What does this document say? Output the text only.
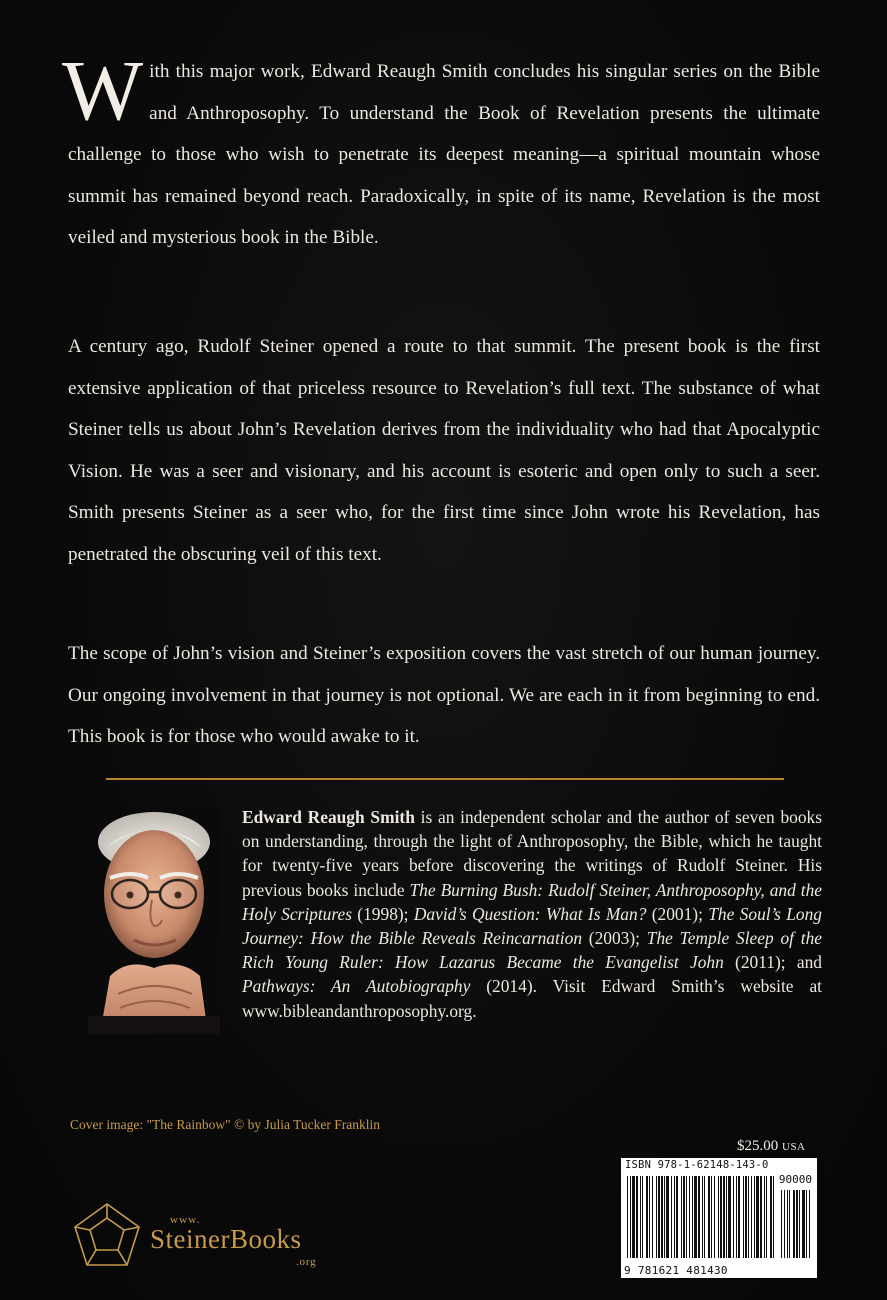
With this major work, Edward Reaugh Smith concludes his singular series on the Bible and Anthroposophy. To understand the Book of Revelation presents the ultimate challenge to those who wish to penetrate its deepest meaning—a spiritual mountain whose summit has remained beyond reach. Paradoxically, in spite of its name, Revelation is the most veiled and mysterious book in the Bible.

A century ago, Rudolf Steiner opened a route to that summit. The present book is the first extensive application of that priceless resource to Revelation’s full text. The substance of what Steiner tells us about John’s Revelation derives from the individuality who had that Apocalyptic Vision. He was a seer and visionary, and his account is esoteric and open only to such a seer. Smith presents Steiner as a seer who, for the first time since John wrote his Revelation, has penetrated the obscuring veil of this text.

The scope of John’s vision and Steiner’s exposition covers the vast stretch of our human journey. Our ongoing involvement in that journey is not optional. We are each in it from beginning to end. This book is for those who would awake to it.

Edward Reaugh Smith is an independent scholar and the author of seven books on understanding, through the light of Anthroposophy, the Bible, which he taught for twenty-five years before discovering the writings of Rudolf Steiner. His previous books include The Burning Bush: Rudolf Steiner, Anthroposophy, and the Holy Scriptures (1998); David’s Question: What Is Man? (2001); The Soul’s Long Journey: How the Bible Reveals Reincarnation (2003); The Temple Sleep of the Rich Young Ruler: How Lazarus Became the Evangelist John (2011); and Pathways: An Autobiography (2014). Visit Edward Smith’s website at www.bibleandanthroposophy.org.

Cover image: "The Rainbow" © by Julia Tucker Franklin
$25.00 USA
ISBN 978-1-62148-143-0
90000
9 781621 481430
www.
SteinerBooks
.org
